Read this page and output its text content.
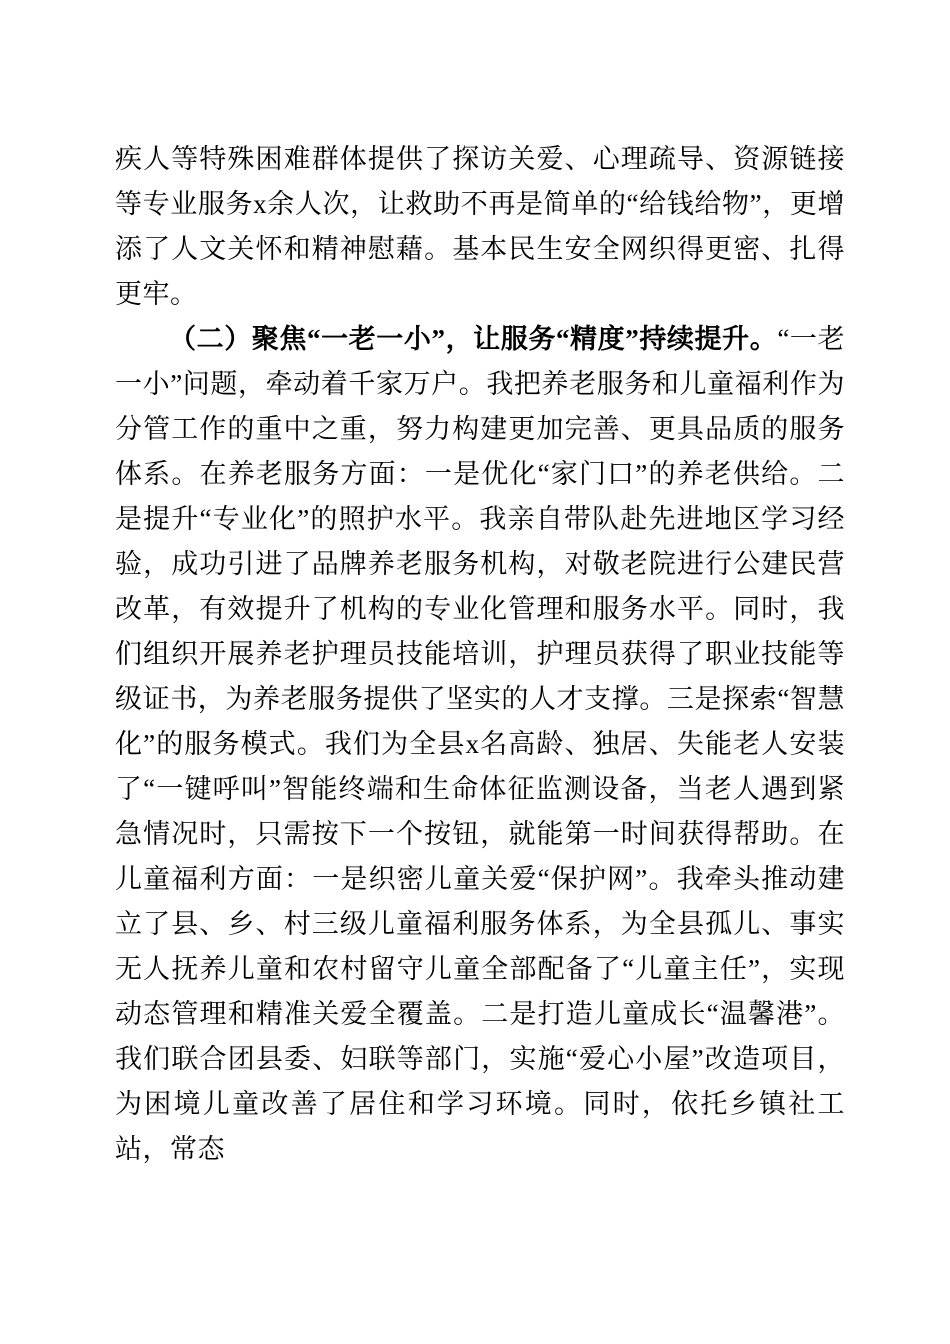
疾人等特殊困难群体提供了探访关爱、心理疏导、资源链接等专业服务x余人次，让救助不再是简单的“给钱给物”，更增添了人文关怀和精神慰藉。基本民生安全网织得更密、扎得更牢。

（二）聚焦“一老一小”，让服务“精度”持续提升。“一老一小”问题，牵动着千家万户。我把养老服务和儿童福利作为分管工作的重中之重，努力构建更加完善、更具品质的服务体系。在养老服务方面：一是优化“家门口”的养老供给。二是提升“专业化”的照护水平。我亲自带队赴先进地区学习经验，成功引进了品牌养老服务机构，对敬老院进行公建民营改革，有效提升了机构的专业化管理和服务水平。同时，我们组织开展养老护理员技能培训，护理员获得了职业技能等级证书，为养老服务提供了坚实的人才支撑。三是探索“智慧化”的服务模式。我们为全县x名高龄、独居、失能老人安装了“一键呼叫”智能终端和生命体征监测设备，当老人遇到紧急情况时，只需按下一个按钮，就能第一时间获得帮助。在儿童福利方面：一是织密儿童关爱“保护网”。我牵头推动建立了县、乡、村三级儿童福利服务体系，为全县孤儿、事实无人抚养儿童和农村留守儿童全部配备了“儿童主任”，实现动态管理和精准关爱全覆盖。二是打造儿童成长“温馨港”。我们联合团县委、妇联等部门，实施“爱心小屋”改造项目，为困境儿童改善了居住和学习环境。同时，依托乡镇社工站，常态
